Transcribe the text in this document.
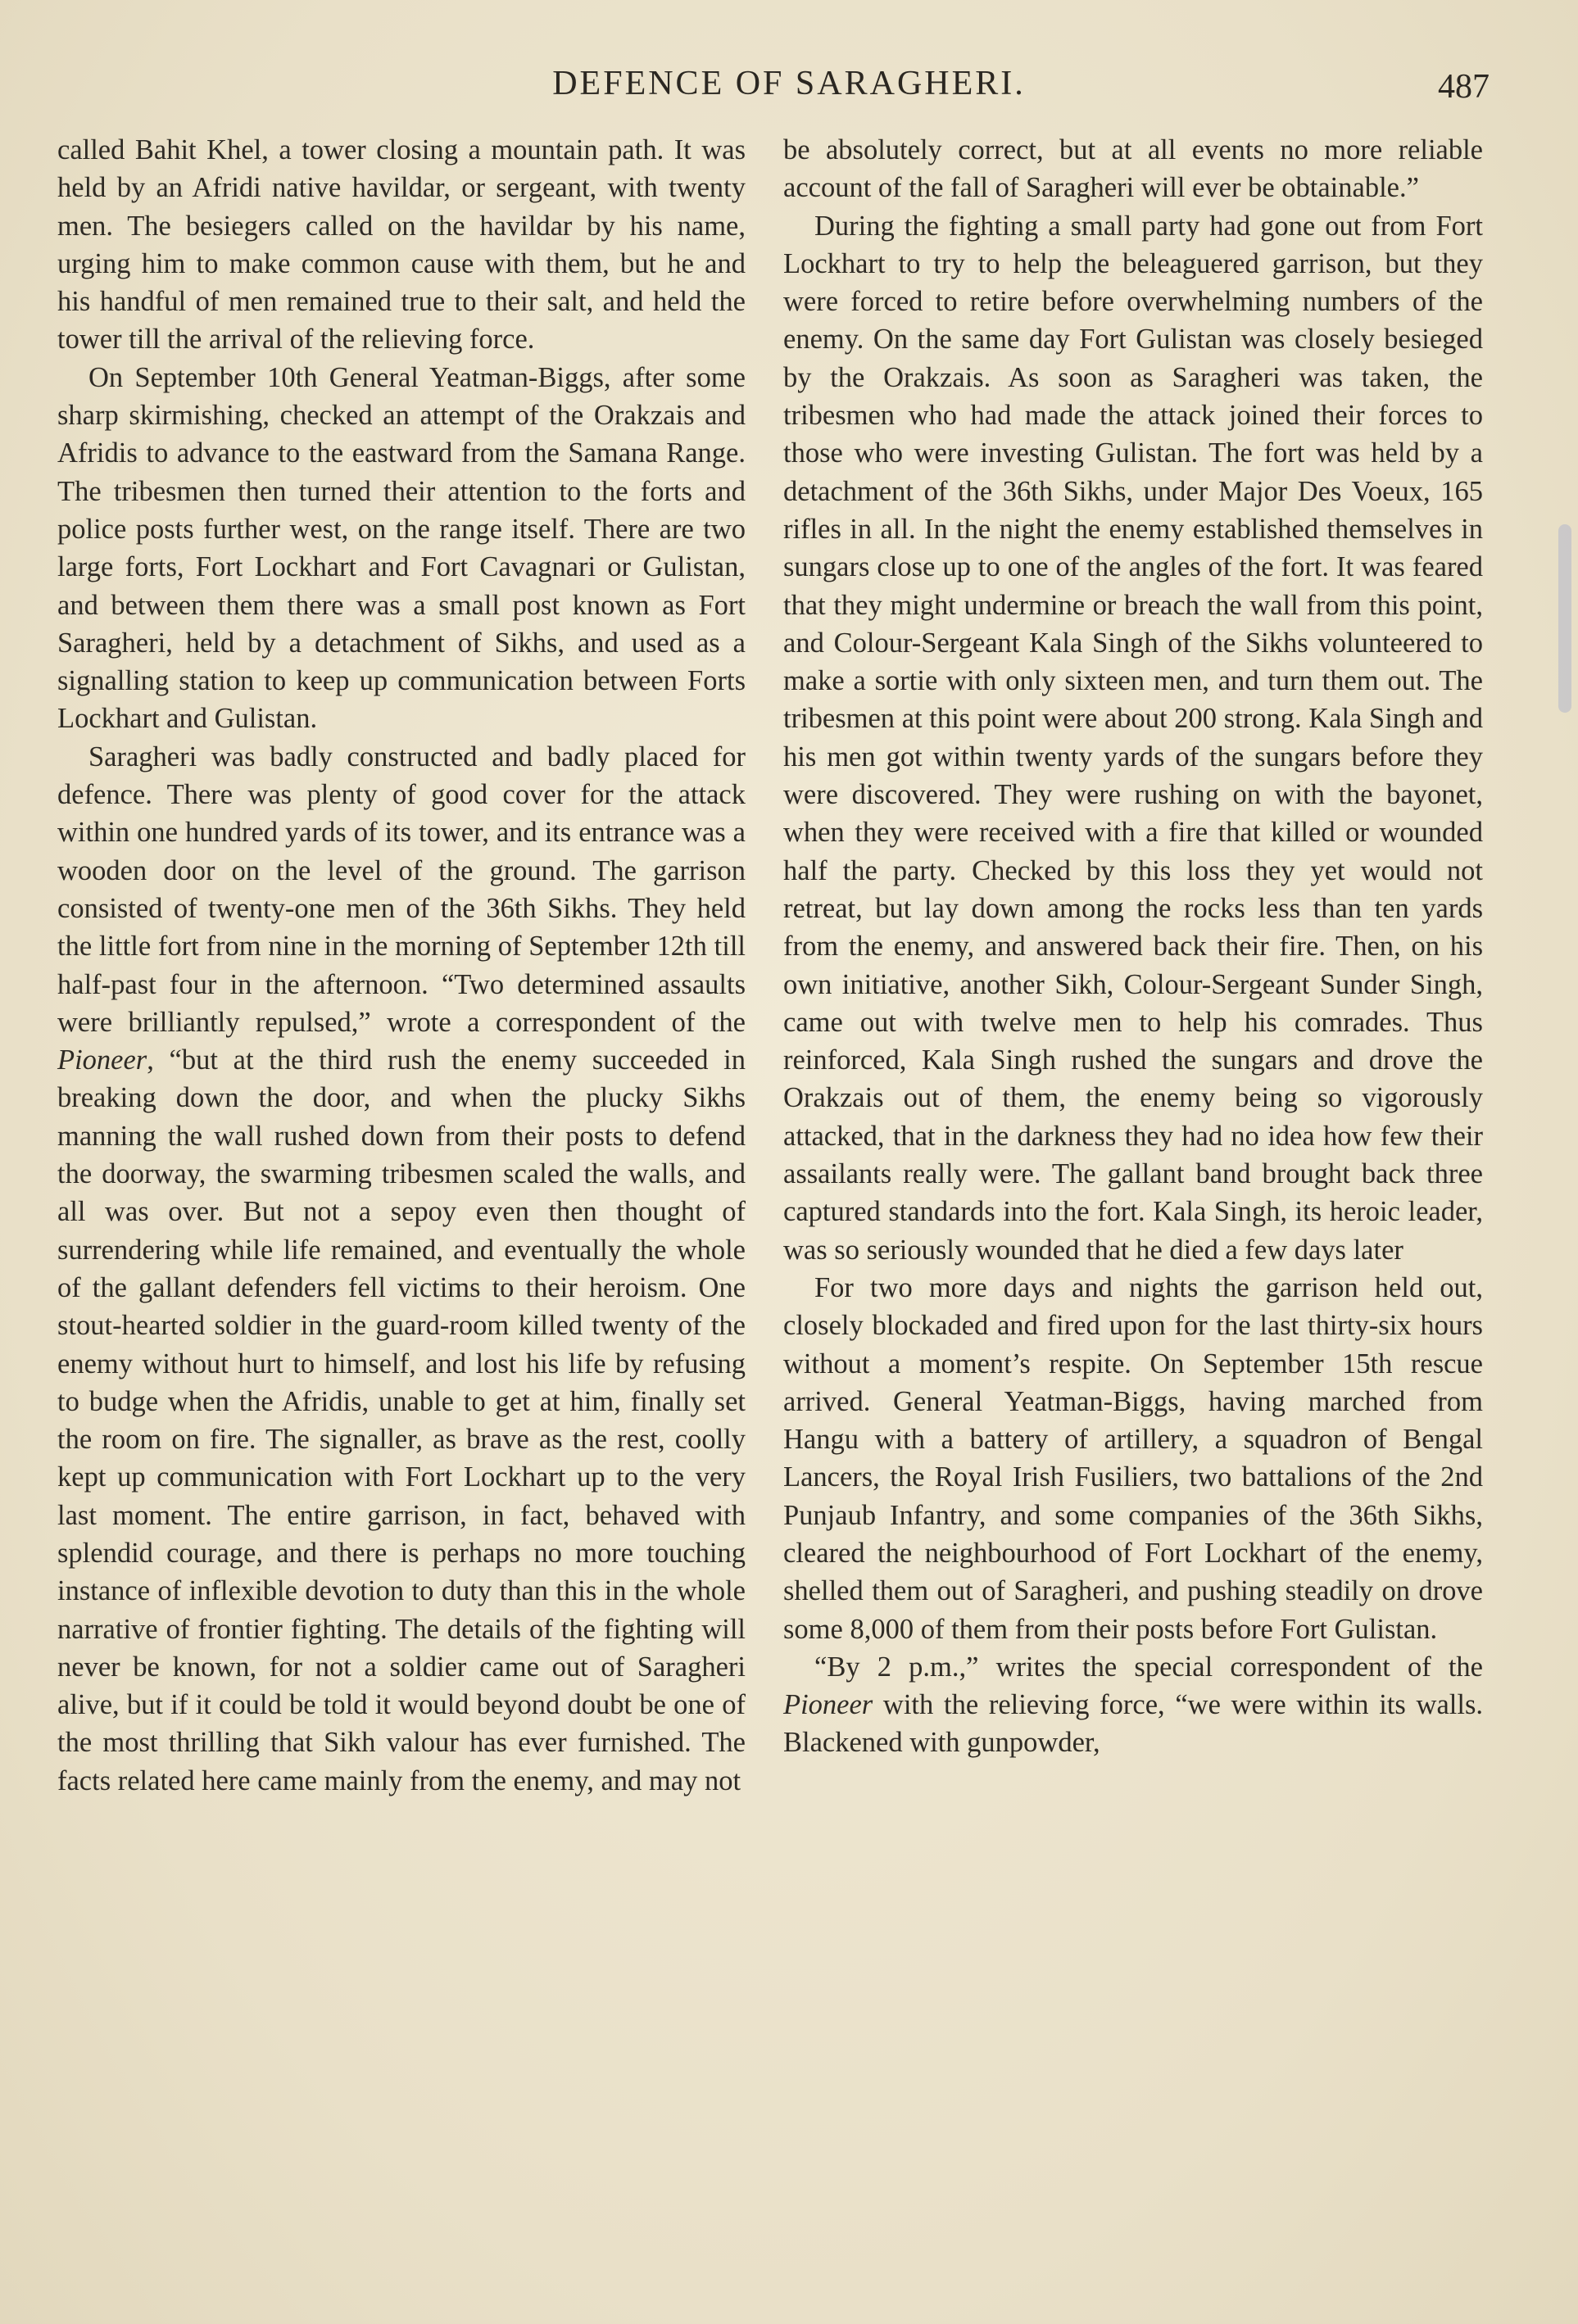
DEFENCE OF SARAGHERI.	487

called Bahit Khel, a tower closing a mountain path. It was held by an Afridi native havildar, or sergeant, with twenty men. The besiegers called on the havildar by his name, urging him to make common cause with them, but he and his handful of men remained true to their salt, and held the tower till the arrival of the relieving force.

On September 10th General Yeatman-Biggs, after some sharp skirmishing, checked an attempt of the Orakzais and Afridis to advance to the eastward from the Samana Range. The tribesmen then turned their attention to the forts and police posts further west, on the range itself. There are two large forts, Fort Lockhart and Fort Cavagnari or Gulistan, and between them there was a small post known as Fort Saragheri, held by a detachment of Sikhs, and used as a signalling station to keep up communication between Forts Lockhart and Gulistan.

Saragheri was badly constructed and badly placed for defence. There was plenty of good cover for the attack within one hundred yards of its tower, and its entrance was a wooden door on the level of the ground. The garrison consisted of twenty-one men of the 36th Sikhs. They held the little fort from nine in the morning of September 12th till half-past four in the afternoon. “Two determined assaults were brilliantly repulsed,” wrote a correspondent of the Pioneer, “but at the third rush the enemy succeeded in breaking down the door, and when the plucky Sikhs manning the wall rushed down from their posts to defend the doorway, the swarming tribesmen scaled the walls, and all was over. But not a sepoy even then thought of surrendering while life remained, and eventually the whole of the gallant defenders fell victims to their heroism. One stout-hearted soldier in the guard-room killed twenty of the enemy without hurt to himself, and lost his life by refusing to budge when the Afridis, unable to get at him, finally set the room on fire. The signaller, as brave as the rest, coolly kept up communication with Fort Lockhart up to the very last moment. The entire garrison, in fact, behaved with splendid courage, and there is perhaps no more touching instance of inflexible devotion to duty than this in the whole narrative of frontier fighting. The details of the fighting will never be known, for not a soldier came out of Saragheri alive, but if it could be told it would beyond doubt be one of the most thrilling that Sikh valour has ever furnished. The facts related here came mainly from the enemy, and may not

be absolutely correct, but at all events no more reliable account of the fall of Saragheri will ever be obtainable.”

During the fighting a small party had gone out from Fort Lockhart to try to help the beleaguered garrison, but they were forced to retire before overwhelming numbers of the enemy. On the same day Fort Gulistan was closely besieged by the Orakzais. As soon as Saragheri was taken, the tribesmen who had made the attack joined their forces to those who were investing Gulistan. The fort was held by a detachment of the 36th Sikhs, under Major Des Voeux, 165 rifles in all. In the night the enemy established themselves in sungars close up to one of the angles of the fort. It was feared that they might undermine or breach the wall from this point, and Colour-Sergeant Kala Singh of the Sikhs volunteered to make a sortie with only sixteen men, and turn them out. The tribesmen at this point were about 200 strong. Kala Singh and his men got within twenty yards of the sungars before they were discovered. They were rushing on with the bayonet, when they were received with a fire that killed or wounded half the party. Checked by this loss they yet would not retreat, but lay down among the rocks less than ten yards from the enemy, and answered back their fire. Then, on his own initiative, another Sikh, Colour-Sergeant Sunder Singh, came out with twelve men to help his comrades. Thus reinforced, Kala Singh rushed the sungars and drove the Orakzais out of them, the enemy being so vigorously attacked, that in the darkness they had no idea how few their assailants really were. The gallant band brought back three captured standards into the fort. Kala Singh, its heroic leader, was so seriously wounded that he died a few days later

For two more days and nights the garrison held out, closely blockaded and fired upon for the last thirty-six hours without a moment’s respite. On September 15th rescue arrived. General Yeatman-Biggs, having marched from Hangu with a battery of artillery, a squadron of Bengal Lancers, the Royal Irish Fusiliers, two battalions of the 2nd Punjaub Infantry, and some companies of the 36th Sikhs, cleared the neighbourhood of Fort Lockhart of the enemy, shelled them out of Saragheri, and pushing steadily on drove some 8,000 of them from their posts before Fort Gulistan.

“By 2 p.m.,” writes the special correspondent of the Pioneer with the relieving force, “we were within its walls. Blackened with gunpowder,
